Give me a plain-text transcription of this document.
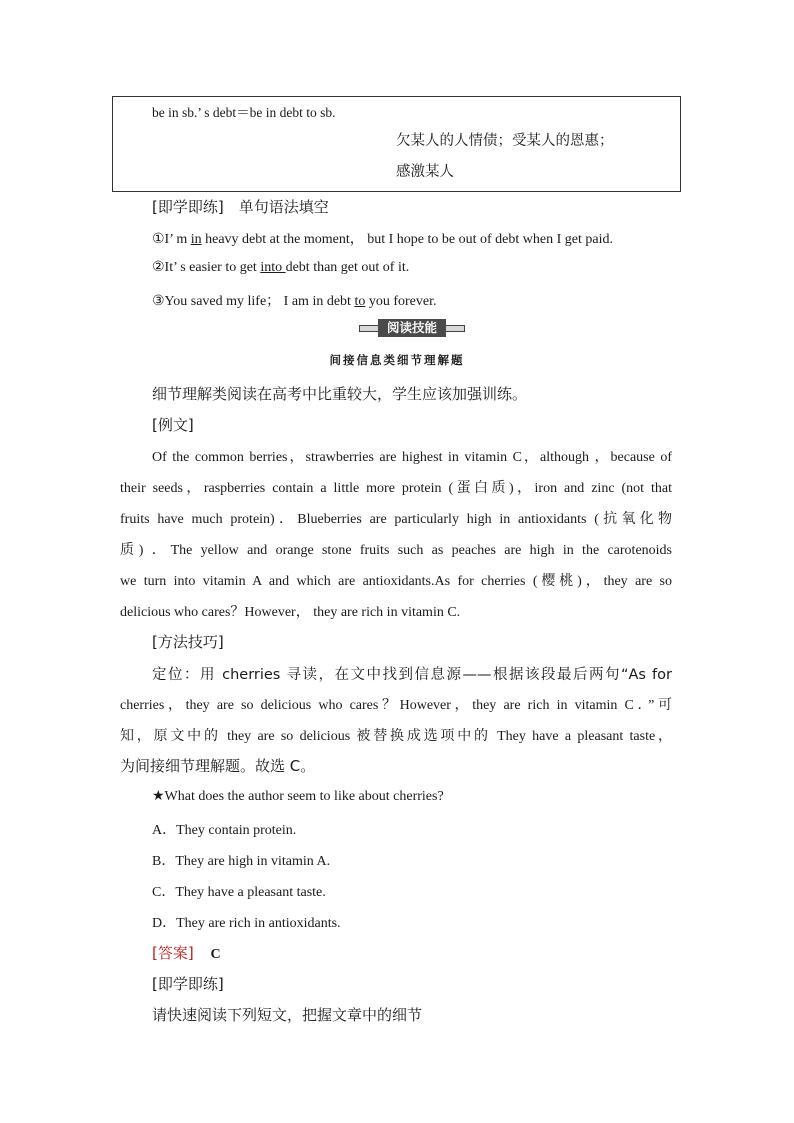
be in sb.’ s debt＝be in debt to sb.
欠某人的人情债；受某人的恩惠；
感激某人
[即学即练]　单句语法填空
①I’ m in heavy debt at the moment， but I hope to be out of debt when I get paid.
②It’ s easier to get into debt than get out of it.
③You saved my life； I am in debt to you forever.
阅读技能
间接信息类细节理解题
细节理解类阅读在高考中比重较大，学生应该加强训练。
[例文]
Of the common berries，strawberries are highest in vitamin C，although ，because of
their seeds，raspberries contain a little more protein (蛋白质)，iron and zinc (not that
fruits have much protein)．Blueberries are particularly high in antioxidants (抗氧化物
质) ．The yellow and orange stone fruits such as peaches are high in the carotenoids
we turn into vitamin A and which are antioxidants.As for cherries (樱桃)，they are so
delicious who cares？However， they are rich in vitamin C.
[方法技巧]
定位：用 cherries 寻读，在文中找到信息源——根据该段最后两句“As for
cherries，they are so delicious who cares？However，they are rich in vitamin C．”可
知，原文中的 they are so delicious 被替换成选项中的 They have a pleasant taste，
为间接细节理解题。故选 C。
★What does the author seem to like about cherries?
A．They contain protein.
B．They are high in vitamin A.
C．They have a pleasant taste.
D．They are rich in antioxidants.
[答案] C
[即学即练]
请快速阅读下列短文，把握文章中的细节
